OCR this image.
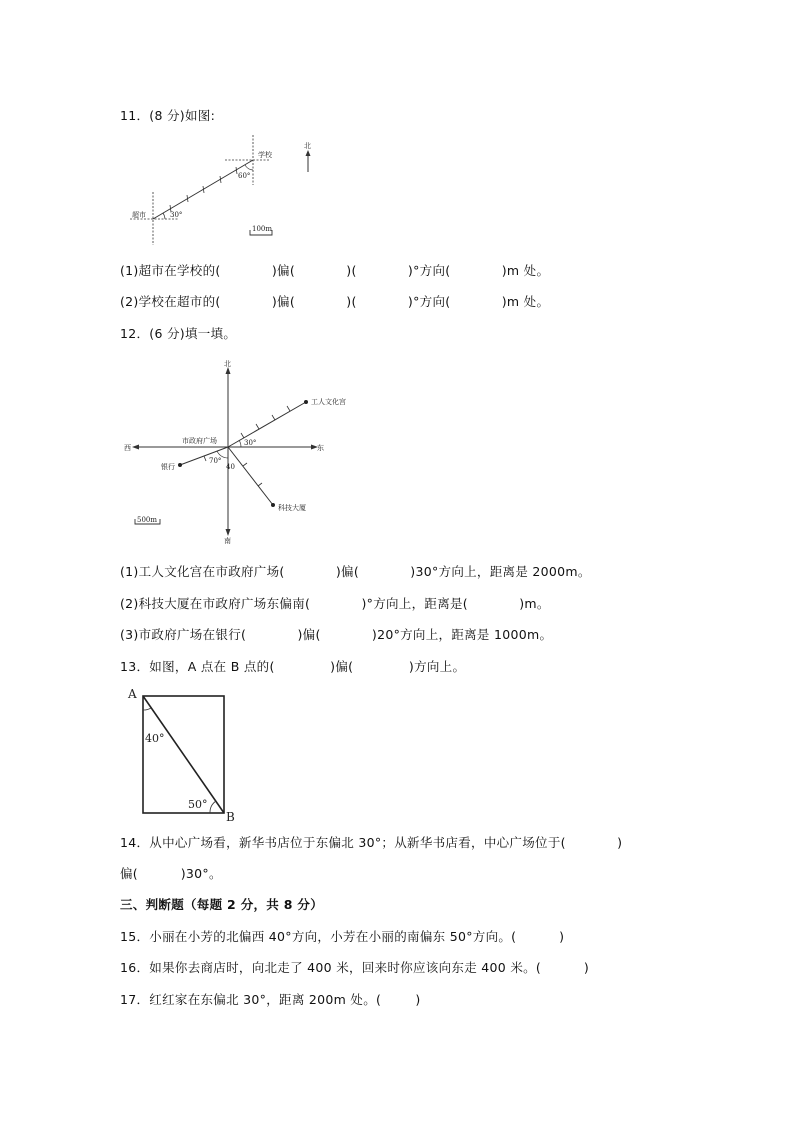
11．(8 分)如图:
学校
超市
60°
30°
北
100m
(1)超市在学校的(            )偏(            )(            )°方向(            )m 处。
(2)学校在超市的(            )偏(            )(            )°方向(            )m 处。
12．(6 分)填一填。
北
南
东
西
市政府广场
工人文化宫
银行
科技大厦
30°
70°
40
500m
(1)工人文化宫在市政府广场(            )偏(            )30°方向上，距离是 2000m。
(2)科技大厦在市政府广场东偏南(            )°方向上，距离是(            )m。
(3)市政府广场在银行(            )偏(            )20°方向上，距离是 1000m。
13．如图，A 点在 B 点的(             )偏(             )方向上。
A
B
40°
50°
14．从中心广场看，新华书店位于东偏北 30°；从新华书店看，中心广场位于(            )
偏(          )30°。
三、判断题（每题 2 分，共 8 分）
15．小丽在小芳的北偏西 40°方向，小芳在小丽的南偏东 50°方向。(          )
16．如果你去商店时，向北走了 400 米，回来时你应该向东走 400 米。(          )
17．红红家在东偏北 30°，距离 200m 处。(        )
